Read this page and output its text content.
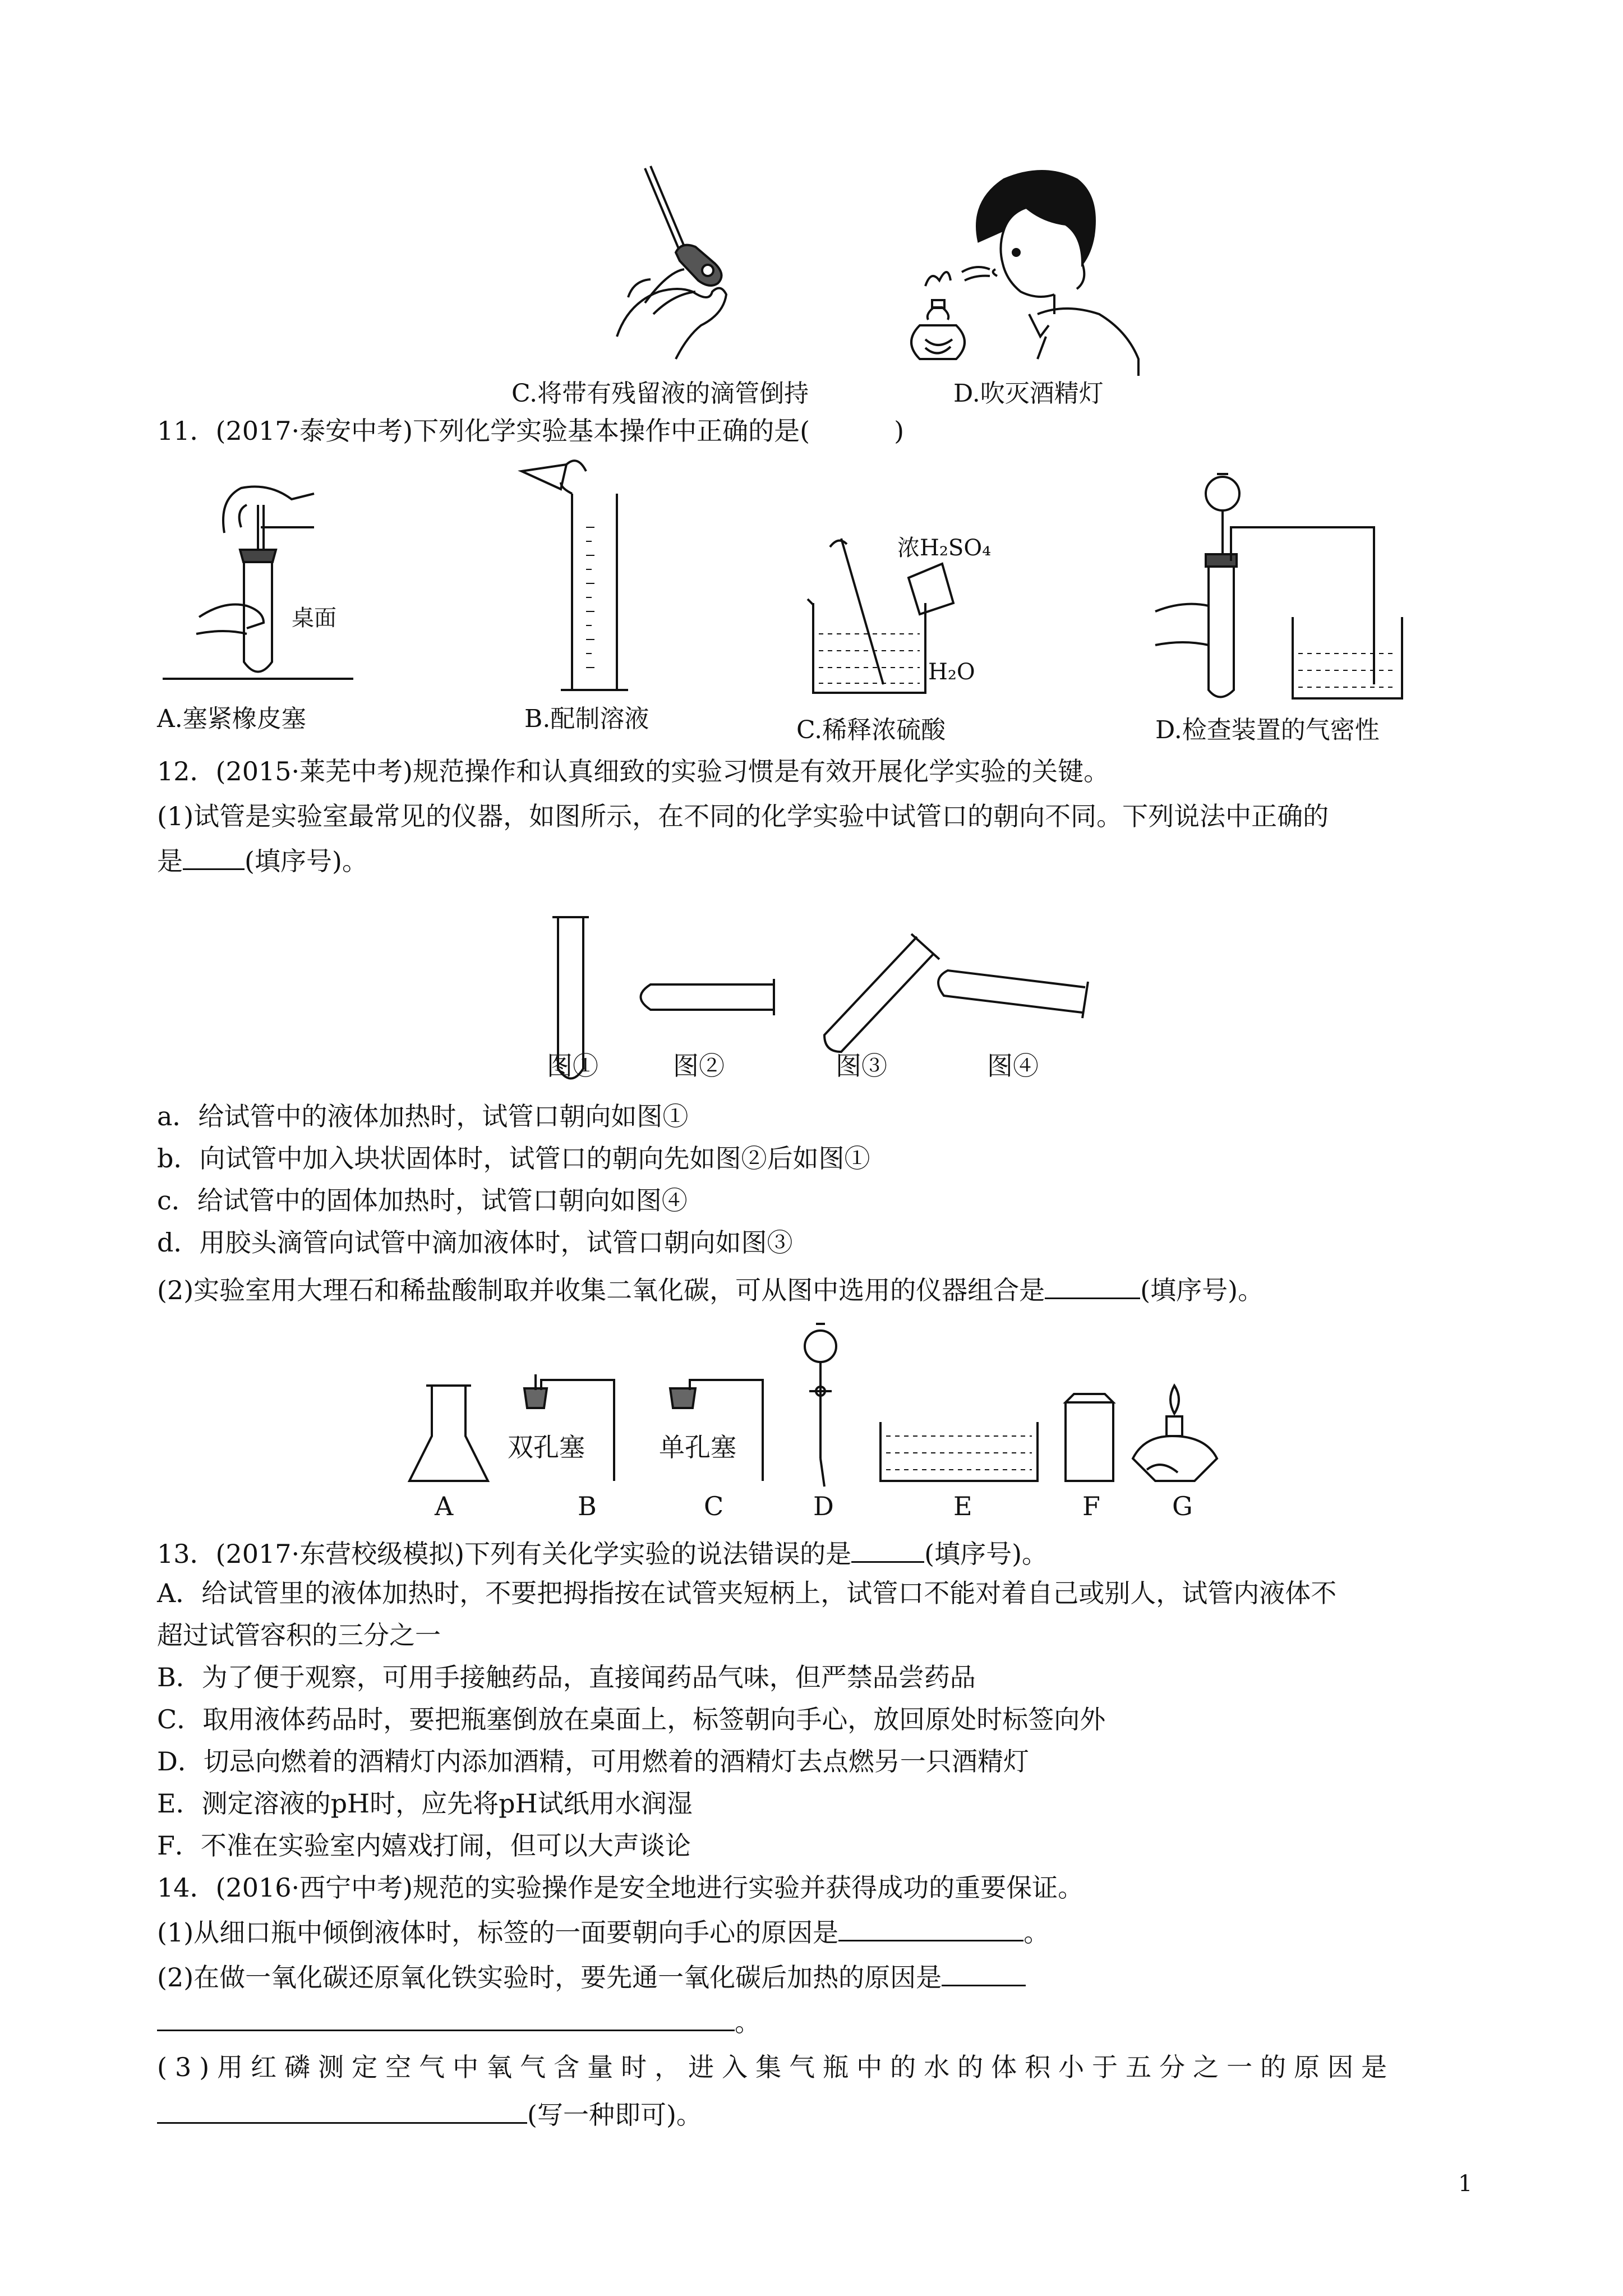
C.将带有残留液的滴管倒持	D.吹灭酒精灯
11．(2017·泰安中考)下列化学实验基本操作中正确的是(	)
桌面
A.塞紧橡皮塞	B.配制溶液
浓H₂SO₄
H₂O
C.稀释浓硫酸	D.检查装置的气密性
12．(2015·莱芜中考)规范操作和认真细致的实验习惯是有效开展化学实验的关键。
(1)试管是实验室最常见的仪器，如图所示，在不同的化学实验中试管口的朝向不同。下列说法中正确的
是 (填序号)。
图①	图②	图③	图④
a．给试管中的液体加热时，试管口朝向如图①
b．向试管中加入块状固体时，试管口的朝向先如图②后如图①
c．给试管中的固体加热时，试管口朝向如图④
d．用胶头滴管向试管中滴加液体时，试管口朝向如图③
(2)实验室用大理石和稀盐酸制取并收集二氧化碳，可从图中选用的仪器组合是	(填序号)。
双孔塞	单孔塞
A	B	C	D	E	F	G
13．(2017·东营校级模拟)下列有关化学实验的说法错误的是	(填序号)。
A．给试管里的液体加热时，不要把拇指按在试管夹短柄上，试管口不能对着自己或别人，试管内液体不
超过试管容积的三分之一
B．为了便于观察，可用手接触药品，直接闻药品气味，但严禁品尝药品
C．取用液体药品时，要把瓶塞倒放在桌面上，标签朝向手心，放回原处时标签向外
D．切忌向燃着的酒精灯内添加酒精，可用燃着的酒精灯去点燃另一只酒精灯
E．测定溶液的pH时，应先将pH试纸用水润湿
F．不准在实验室内嬉戏打闹，但可以大声谈论
14．(2016·西宁中考)规范的实验操作是安全地进行实验并获得成功的重要保证。
(1)从细口瓶中倾倒液体时，标签的一面要朝向手心的原因是	。
(2)在做一氧化碳还原氧化铁实验时，要先通一氧化碳后加热的原因是
。
(3)用红磷测定空气中氧气含量时，进入集气瓶中的水的体积小于五分之一的原因是
(写一种即可)。
1
